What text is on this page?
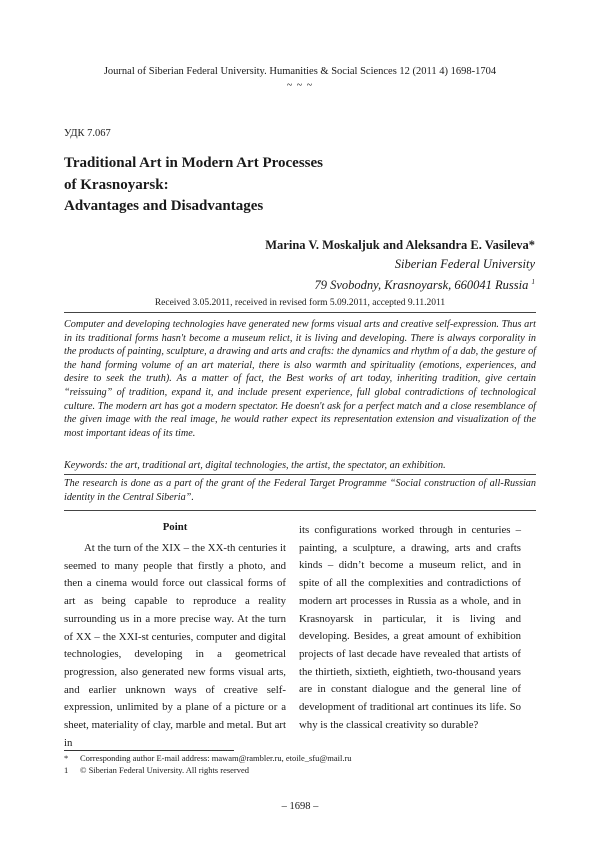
Journal of Siberian Federal University. Humanities & Social Sciences 12 (2011 4) 1698-1704
~ ~ ~
УДК 7.067
Traditional Art in Modern Art Processes
of Krasnoyarsk:
Advantages and Disadvantages
Marina V. Moskaljuk and Aleksandra E. Vasileva*
Siberian Federal University
79 Svobodny, Krasnoyarsk, 660041 Russia $^1$
Received 3.05.2011, received in revised form 5.09.2011, accepted 9.11.2011

Computer and developing technologies have generated new forms visual arts and creative self-expression. Thus art in its traditional forms hasn't become a museum relict, it is living and developing. There is always corporality in the products of painting, sculpture, a drawing and arts and crafts: the dynamics and rhythm of a dab, the gesture of the hand forming volume of an art material, there is also warmth and spirituality (emotions, experiences, and desire to seek the truth). As a matter of fact, the Best works of art today, inheriting tradition, give certain “reissuing” of tradition, expand it, and include present experience, full global contradictions of technological culture. The modern art has got a modern spectator. He doesn't ask for a perfect match and a close resemblance of the given image with the real image, he would rather expect its representation extension and visualization of the most important ideas of its time.

Keywords: the art, traditional art, digital technologies, the artist, the spectator, an exhibition.

The research is done as a part of the grant of the Federal Target Programme “Social construction of all-Russian identity in the Central Siberia”.

Point

At the turn of the XIX – the XX-th centuries it seemed to many people that firstly a photo, and then a cinema would force out classical forms of art as being capable to reproduce a reality surrounding us in a more precise way. At the turn of XX – the XXI-st centuries, computer and digital technologies, developing in a geometrical progression, also generated new forms visual arts, and earlier unknown ways of creative self-expression, unlimited by a plane of a picture or a sheet, materiality of clay, marble and metal. But art in

its configurations worked through in centuries – painting, a sculpture, a drawing, arts and crafts kinds – didn’t become a museum relict, and in spite of all the complexities and contradictions of modern art processes in Russia as a whole, and in Krasnoyarsk in particular, it is living and developing. Besides, a great amount of exhibition projects of last decade have revealed that artists of the thirtieth, sixtieth, eightieth, two-thousand years are in constant dialogue and the general line of development of traditional art continues its life. So why is the classical creativity so durable?

* Corresponding author E-mail address: mawam@rambler.ru, etoile_sfu@mail.ru
1 © Siberian Federal University. All rights reserved
– 1698 –
